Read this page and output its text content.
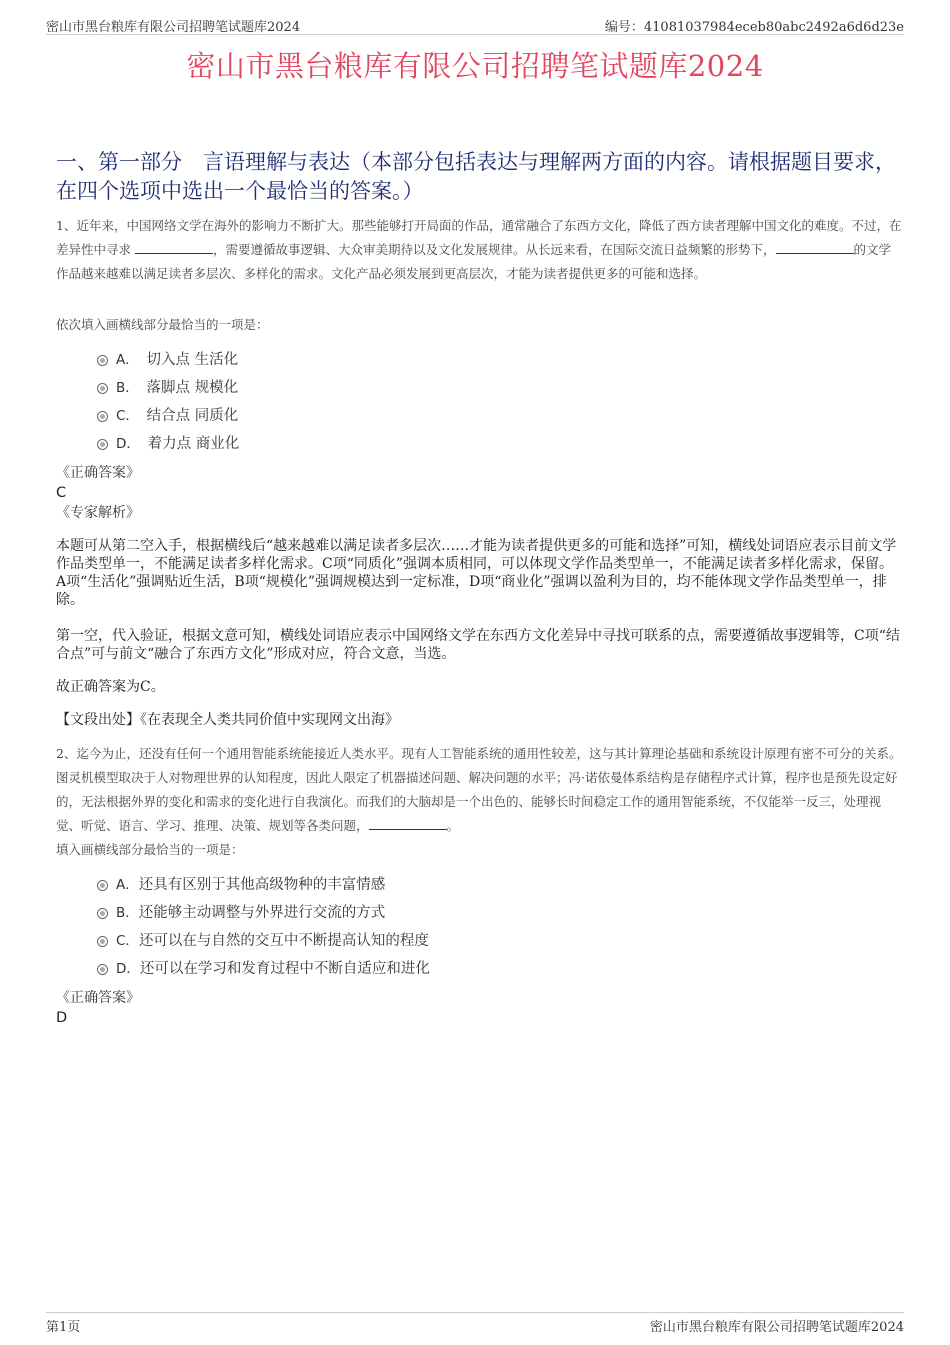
密山市黑台粮库有限公司招聘笔试题库2024	编号：41081037984eceb80abc2492a6d6d23e
密山市黑台粮库有限公司招聘笔试题库2024
一、第一部分　言语理解与表达（本部分包括表达与理解两方面的内容。请根据题目要求，在四个选项中选出一个最恰当的答案。）

1、近年来，中国网络文学在海外的影响力不断扩大。那些能够打开局面的作品，通常融合了东西方文化，降低了西方读者理解中国文化的难度。不过，在差异性中寻求	，需要遵循故事逻辑、大众审美期待以及文化发展规律。从长远来看，在国际交流日益频繁的形势下，	的文学作品越来越难以满足读者多层次、多样化的需求。文化产品必须发展到更高层次，才能为读者提供更多的可能和选择。

依次填入画横线部分最恰当的一项是：

A．　切入点 生活化
B．　落脚点 规模化
C．　结合点 同质化
D．　着力点 商业化

《正确答案》

C

《专家解析》

本题可从第二空入手，根据横线后“越来越难以满足读者多层次……才能为读者提供更多的可能和选择”可知，横线处词语应表示目前文学作品类型单一，不能满足读者多样化需求。C项“同质化”强调本质相同，可以体现文学作品类型单一，不能满足读者多样化需求，保留。A项“生活化”强调贴近生活，B项“规模化”强调规模达到一定标准，D项“商业化”强调以盈利为目的，均不能体现文学作品类型单一，排除。

第一空，代入验证，根据文意可知，横线处词语应表示中国网络文学在东西方文化差异中寻找可联系的点，需要遵循故事逻辑等，C项“结合点”可与前文“融合了东西方文化”形成对应，符合文意，当选。

故正确答案为C。

【文段出处】《在表现全人类共同价值中实现网文出海》

2、迄今为止，还没有任何一个通用智能系统能接近人类水平。现有人工智能系统的通用性较差，这与其计算理论基础和系统设计原理有密不可分的关系。图灵机模型取决于人对物理世界的认知程度，因此人限定了机器描述问题、解决问题的水平；冯·诺依曼体系结构是存储程序式计算，程序也是预先设定好的，无法根据外界的变化和需求的变化进行自我演化。而我们的大脑却是一个出色的、能够长时间稳定工作的通用智能系统，不仅能举一反三，处理视觉、听觉、语言、学习、推理、决策、规划等各类问题，	。

填入画横线部分最恰当的一项是：

A．还具有区别于其他高级物种的丰富情感
B．还能够主动调整与外界进行交流的方式
C．还可以在与自然的交互中不断提高认知的程度
D．还可以在学习和发育过程中不断自适应和进化

《正确答案》

D

第1页	密山市黑台粮库有限公司招聘笔试题库2024
